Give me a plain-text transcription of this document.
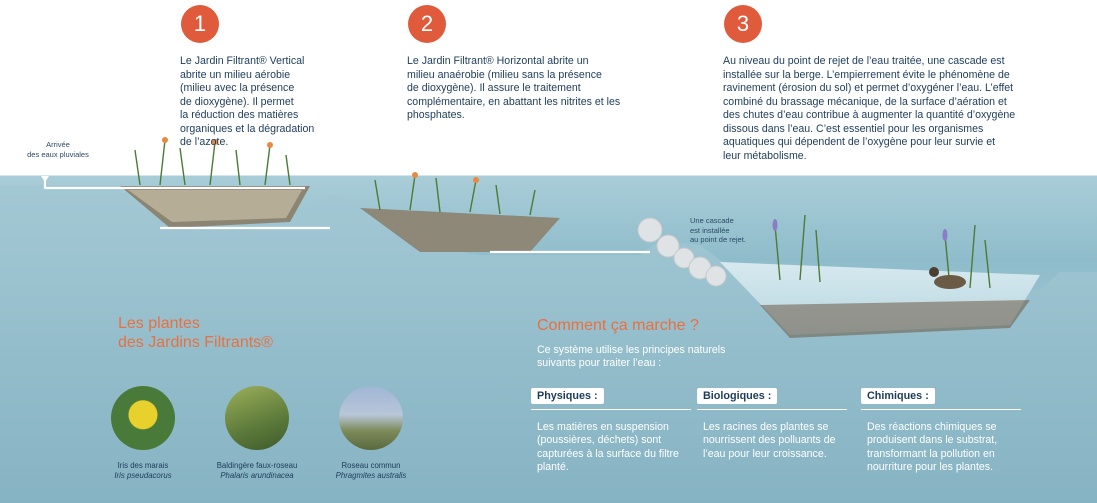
1
Le Jardin Filtrant® Vertical
abrite un milieu aérobie
(milieu avec la présence
de dioxygène). Il permet
la réduction des matières
organiques et la dégradation
de l’azote.
2
Le Jardin Filtrant® Horizontal abrite un
milieu anaérobie (milieu sans la présence
de dioxygène). Il assure le traitement
complémentaire, en abattant les nitrites et les
phosphates.
3
Au niveau du point de rejet de l’eau traitée, une cascade est
installée sur la berge. L’empierrement évite le phénomène de
ravinement (érosion du sol) et permet d’oxygéner l’eau. L’effet
combiné du brassage mécanique, de la surface d’aération et
des chutes d’eau contribue à augmenter la quantité d’oxygène
dissous dans l’eau. C’est essentiel pour les organismes
aquatiques qui dépendent de l’oxygène pour leur survie et
leur métabolisme.
Arrivée
des eaux pluviales
Une cascade
est installée
au point de rejet.
Les plantes
des Jardins Filtrants®
Iris des marais
Iris pseudacorus
Baldingère faux-roseau
Phalaris arundinacea
Roseau commun
Phragmites australis
Comment ça marche ?
Ce système utilise les principes naturels
suivants pour traiter l’eau :
Physiques :
Les matières en suspension
(poussières, déchets) sont
capturées à la surface du filtre
planté.
Biologiques :
Les racines des plantes se
nourrissent des polluants de
l’eau pour leur croissance.
Chimiques :
Des réactions chimiques se
produisent dans le substrat,
transformant la pollution en
nourriture pour les plantes.
